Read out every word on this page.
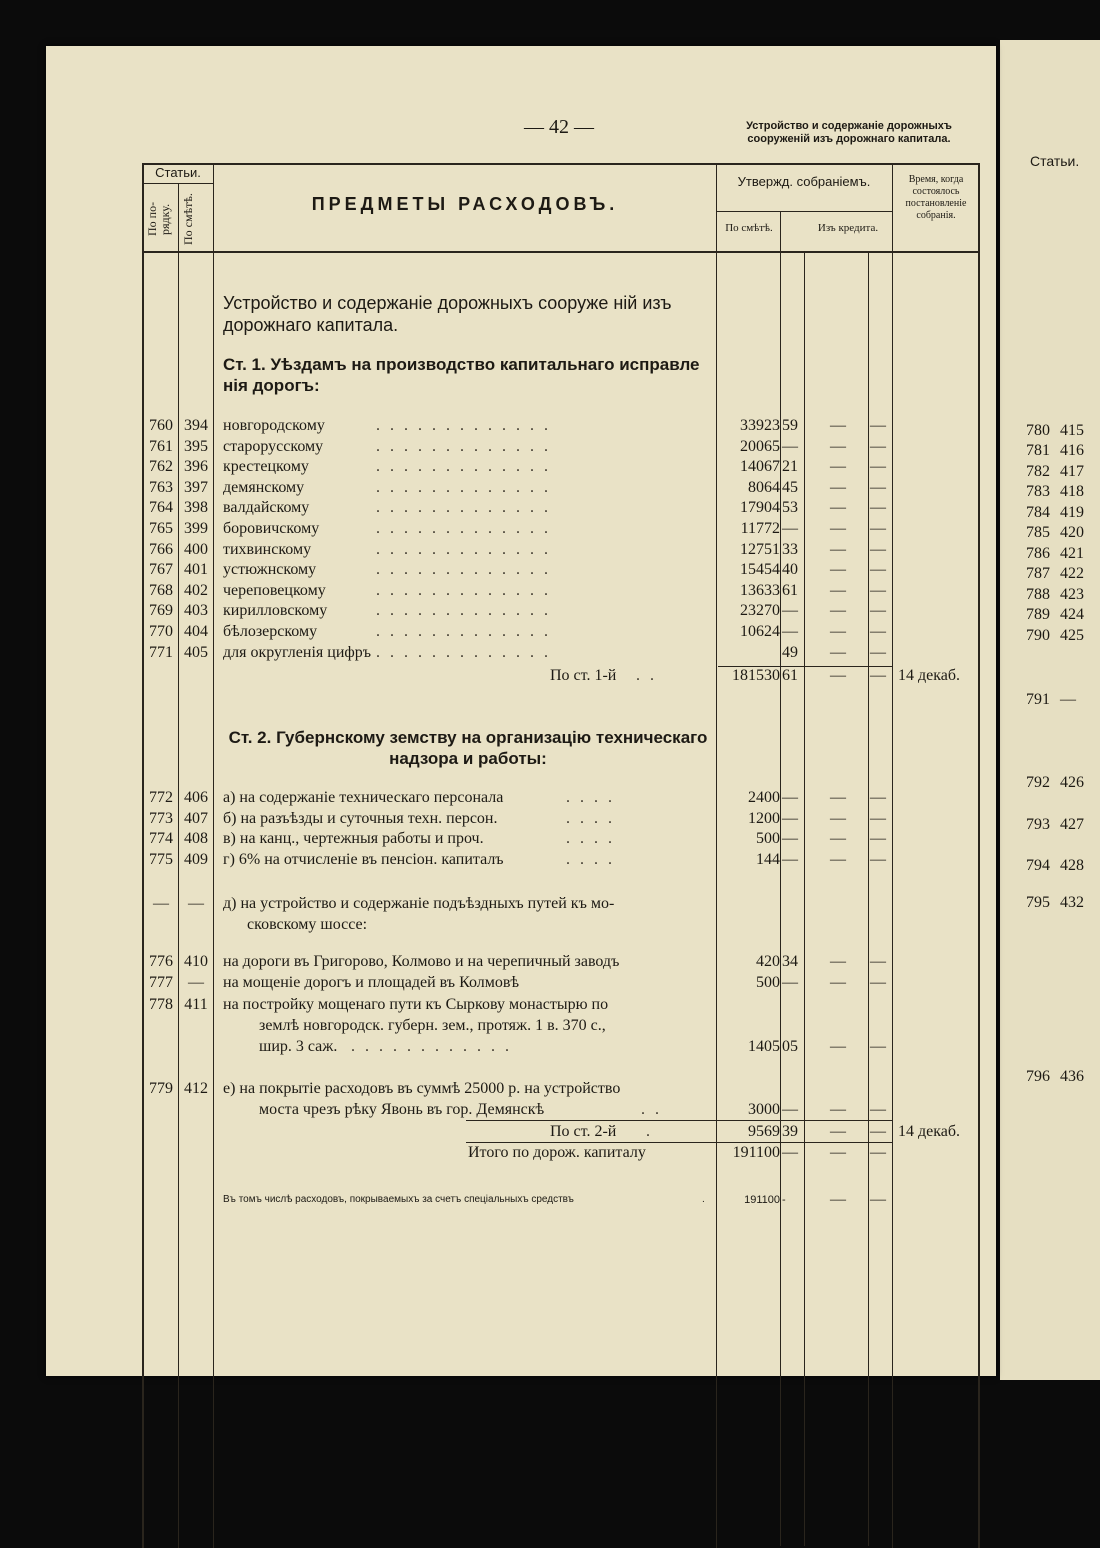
Статьи.
— 42 —	Устройство и содержаніе дорожныхъ сооруженій изъ дорожнаго капитала.
Статьи.
По по-рядку. По смѣтѣ.	ПРЕДМЕТЫ РАСХОДОВЪ.
Утвержд. собраніемъ.
По смѣтѣ.	Изъ кредита.
Время, когда состоялось постановленіе собранія.
Устройство и содержаніе дорожныхъ сооруже ній изъ дорожнаго капитала.
Ст. 1. Уѣздамъ на производство капитальнаго исправле нія дорогъ:
760 394 новгородскому	. . . . . . . . . . . . .	33923 59	—	—
761 395 старорусскому	. . . . . . . . . . . . .	20065 —	—	—
762 396 крестецкому	. . . . . . . . . . . . .	14067 21	—	—
763 397 демянскому	. . . . . . . . . . . . .	8064 45	—	—
764 398 валдайскому	. . . . . . . . . . . . .	17904 53	—	—
765 399 боровичскому	. . . . . . . . . . . . .	11772 —	—	—
766 400 тихвинскому	. . . . . . . . . . . . .	12751 33	—	—
767 401 устюжнскому	. . . . . . . . . . . . .	15454 40	—	—
768 402 череповецкому	. . . . . . . . . . . . .	13633 61	—	—
769 403 кирилловскому	. . . . . . . . . . . . .	23270 —	—	—
770 404 бѣлозерскому	. . . . . . . . . . . . .	10624 —	—	—
771 405 для округленія цифръ . . . . . . . . . . . . .	49	—	—
По ст. 1-й . .	181530 61	—	— 14 декаб.
Ст. 2. Губернскому земству на организацію техническаго надзора и работы:
772 406 а) на содержаніе техническаго персонала	. . . .	2400 —	—	—
773 407 б) на разъѣзды и суточныя техн. персон.	. . . .	1200 —	—	—
774 408 в) на канц., чертежныя работы и проч.	. . . .	500 —	—	—
775 409 г) 6% на отчисленіе въ пенсіон. капиталъ	. . . .	144 —	—	—
—	—	д) на устройство и содержаніе подъѣздныхъ путей къ мо-
сковскому шоссе:
776 410 на дороги въ Григорово, Колмово и на черепичный заводъ	420 34	—	—
777 —	на мощеніе дорогъ и площадей въ Колмовѣ	500 —	—	—
778 411 на постройку мощенаго пути къ Сыркову монастырю по
землѣ новгородск. губерн. зем., протяж. 1 в. 370 с.,
шир. 3 саж. . . . . . . . . . . . .	1405 05	—	—
779 412 е) на покрытіе расходовъ въ суммѣ 25000 р. на устройство
моста чрезъ рѣку Явонь въ гор. Демянскѣ	. .	3000 —	—	—
По ст. 2-й .	9569 39	—	— 14 декаб.
Итого по дорож. капиталу	191100 —	—	—
Въ томъ числѣ расходовъ, покрываемыхъ за счетъ спеціальныхъ средствъ	.	191100 -	—	—
780 415
781 416
782 417
783 418
784 419
785 420
786 421
787 422
788 423
789 424
790 425
791 —
792 426
793 427
794 428
795 432
796 436
